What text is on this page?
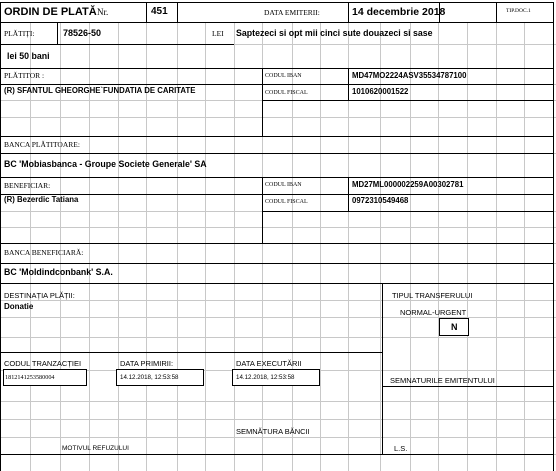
ORDIN DE PLATĂ Nr.	451	DATA EMITERII:	14 decembrie 2018	TIP.DOC.1
PLĂTIȚI:	78526-50	LEI Saptezeci si opt mii cinci sute douazeci si sase
lei 50 bani
PLĂTITOR :
(R) SFANTUL GHEORGHE`FUNDATIA DE CARITATE
CODUL IBAN	MD47MO2224ASV35534787100
CODUL FISCAL	1010620001522
BANCA PLĂTITOARE:
BC 'Mobiasbanca - Groupe Societe Generale' SA
BENEFICIAR:
(R) Bezerdic Tatiana
CODUL IBAN	MD27ML000002259A00302781
CODUL FISCAL	0972310549468
BANCA BENEFICIARĂ:
BC 'Moldindconbank' S.A.
DESTINAȚIA PLĂȚII:
Donatie
TIPUL TRANSFERULUI
NORMAL-URGENT
N
CODUL TRANZACȚIEI
1812141253580004
DATA PRIMIRII:
14.12.2018, 12:53:58
DATA EXECUTĂRII
14.12.2018, 12:53:58	SEMNATURILE EMITENTULUI
SEMNĂTURA BĂNCII
MOTIVUL REFUZULUI	L.S.
